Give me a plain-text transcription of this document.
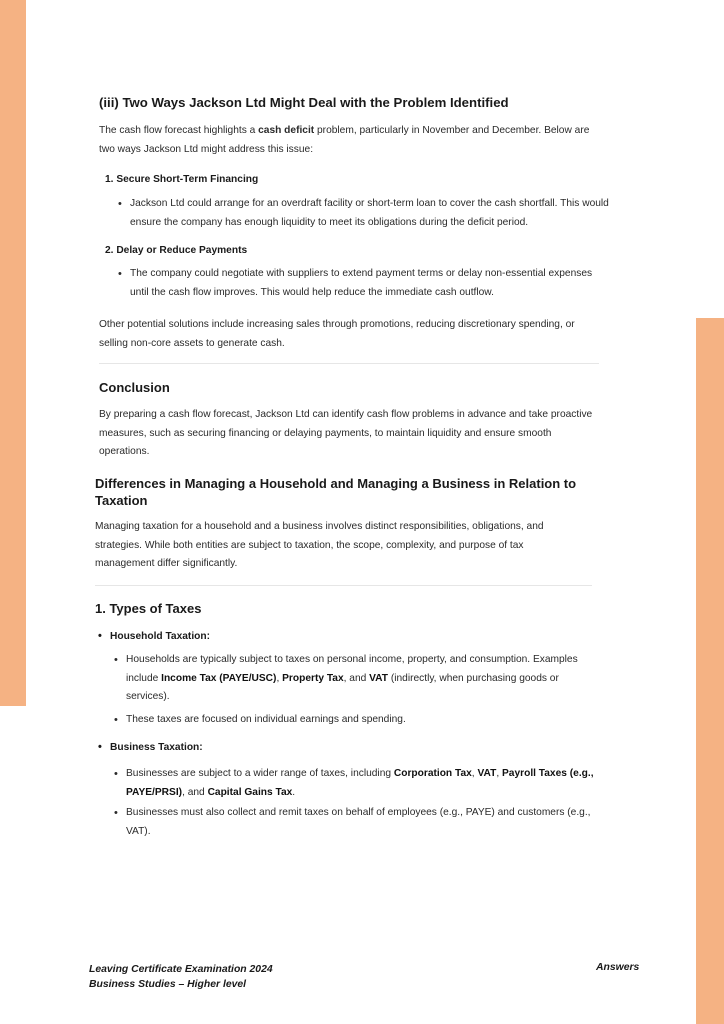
(iii) Two Ways Jackson Ltd Might Deal with the Problem Identified

The cash flow forecast highlights a cash deficit problem, particularly in November and December. Below are two ways Jackson Ltd might address this issue:

1. Secure Short-Term Financing

• Jackson Ltd could arrange for an overdraft facility or short-term loan to cover the cash shortfall. This would ensure the company has enough liquidity to meet its obligations during the deficit period.

2. Delay or Reduce Payments

• The company could negotiate with suppliers to extend payment terms or delay non-essential expenses until the cash flow improves. This would help reduce the immediate cash outflow.

Other potential solutions include increasing sales through promotions, reducing discretionary spending, or selling non-core assets to generate cash.

Conclusion

By preparing a cash flow forecast, Jackson Ltd can identify cash flow problems in advance and take proactive measures, such as securing financing or delaying payments, to maintain liquidity and ensure smooth operations.

Differences in Managing a Household and Managing a Business in Relation to Taxation

Managing taxation for a household and a business involves distinct responsibilities, obligations, and strategies. While both entities are subject to taxation, the scope, complexity, and purpose of tax management differ significantly.

1. Types of Taxes
• Household Taxation:

• Households are typically subject to taxes on personal income, property, and consumption. Examples include Income Tax (PAYE/USC), Property Tax, and VAT (indirectly, when purchasing goods or services).

• These taxes are focused on individual earnings and spending.

• Business Taxation:

• Businesses are subject to a wider range of taxes, including Corporation Tax, VAT, Payroll Taxes (e.g., PAYE/PRSI), and Capital Gains Tax.

• Businesses must also collect and remit taxes on behalf of employees (e.g., PAYE) and customers (e.g., VAT).

Leaving Certificate Examination 2024
Business Studies – Higher level
Answers
